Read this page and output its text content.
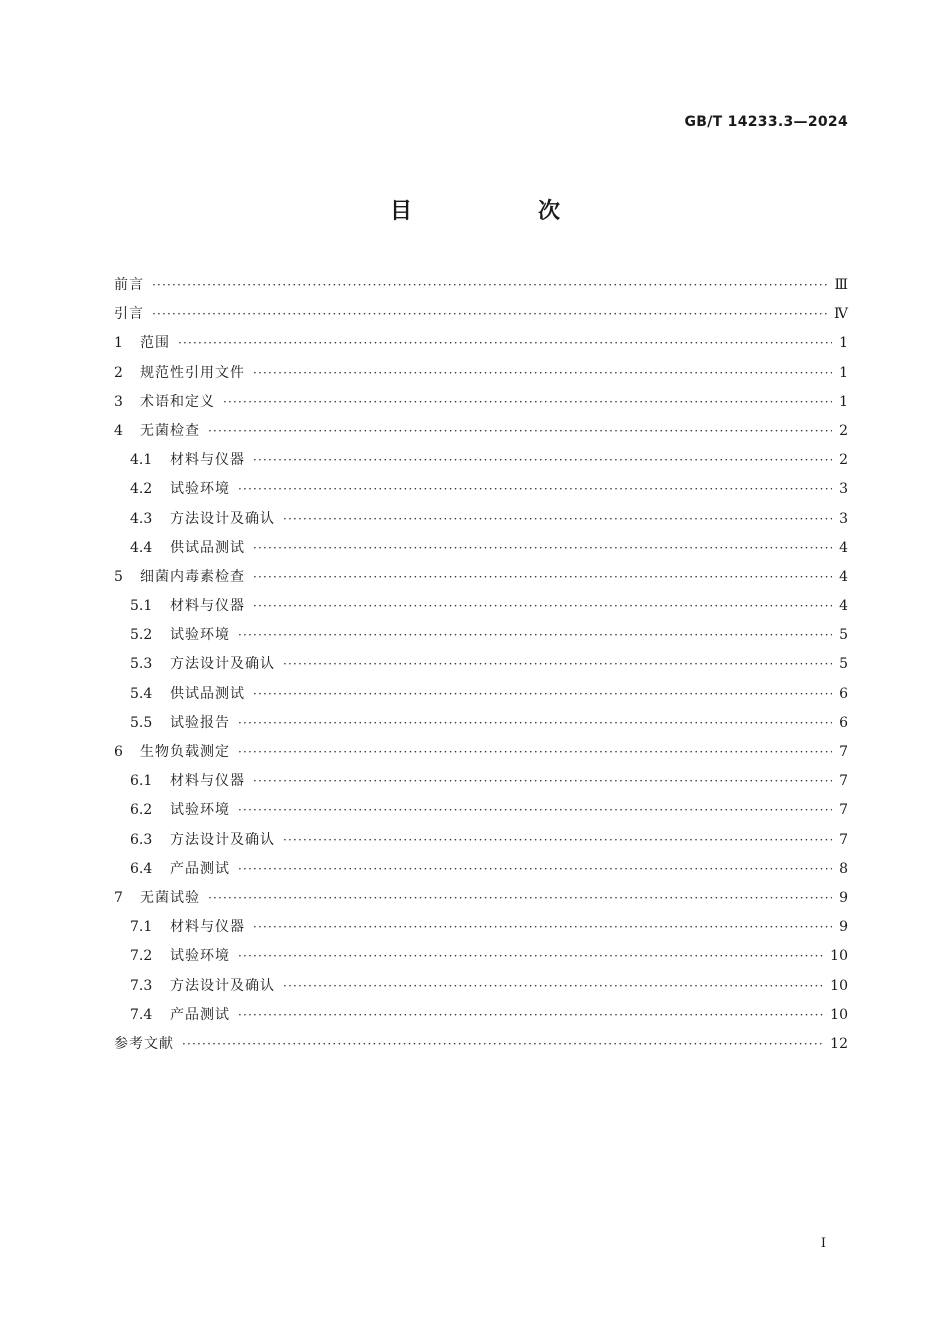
GB/T 14233.3—2024
目　次
前言 ·····	Ⅲ
引言 ·····	Ⅳ
1	范围 ·····	1
2	规范性引用文件 ·····	1
3	术语和定义 ·····	1
4	无菌检查 ·····	2
4.1	材料与仪器 ·····	2
4.2	试验环境 ·····	3
4.3	方法设计及确认 ·····	3
4.4	供试品测试 ·····	4
5	细菌内毒素检查 ·····	4
5.1	材料与仪器 ·····	4
5.2	试验环境 ·····	5
5.3	方法设计及确认 ·····	5
5.4	供试品测试 ·····	6
5.5	试验报告 ·····	6
6	生物负载测定 ·····	7
6.1	材料与仪器 ·····	7
6.2	试验环境 ·····	7
6.3	方法设计及确认 ·····	7
6.4	产品测试 ·····	8
7	无菌试验 ·····	9
7.1	材料与仪器 ·····	9
7.2	试验环境 ·····	10
7.3	方法设计及确认 ·····	10
7.4	产品测试 ·····	10
参考文献 ·····	12
I
